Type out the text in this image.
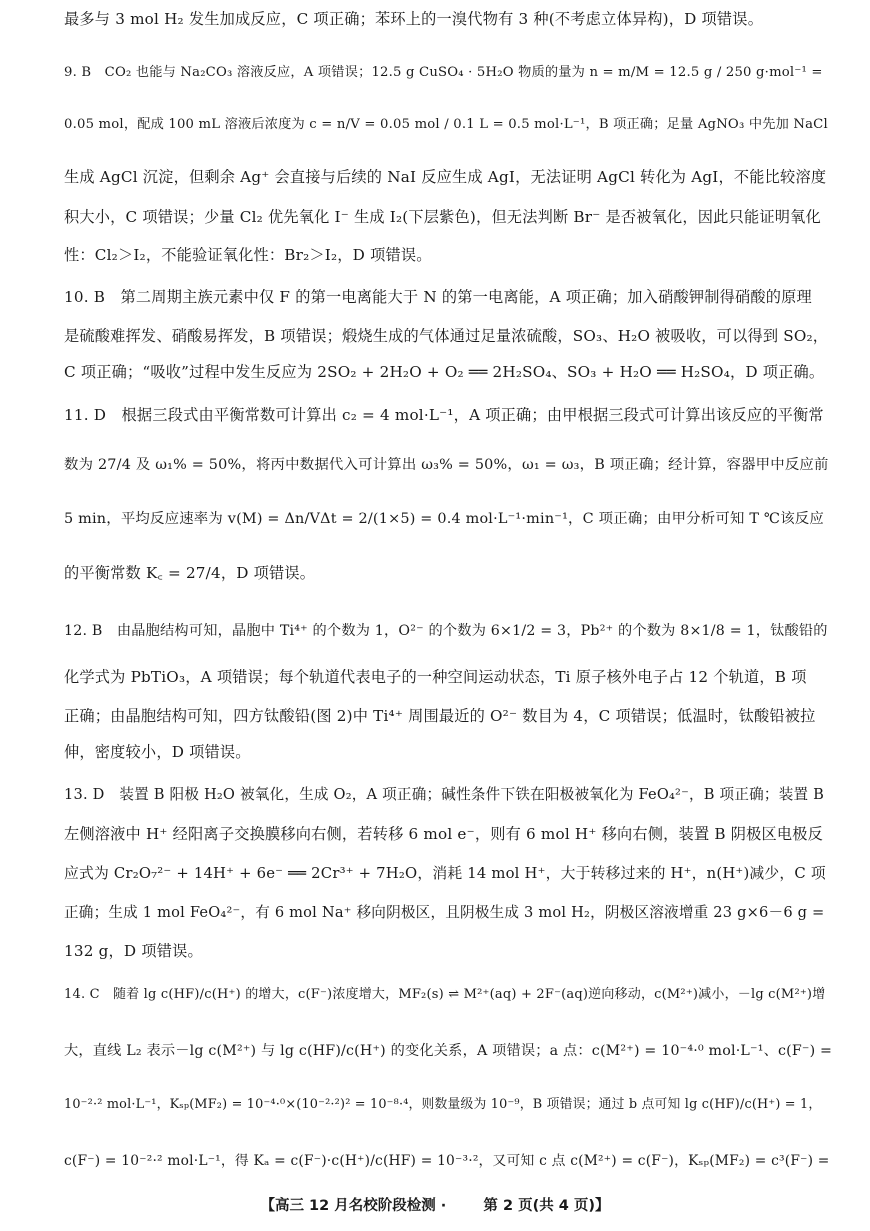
最多与 3 mol H₂ 发生加成反应，C 项正确；苯环上的一溴代物有 3 种(不考虑立体异构)，D 项错误。
9. B　CO₂ 也能与 Na₂CO₃ 溶液反应，A 项错误；12.5 g CuSO₄ · 5H₂O 物质的量为 n = m/M = 12.5 g / 250 g·mol⁻¹ =
0.05 mol，配成 100 mL 溶液后浓度为 c = n/V = 0.05 mol / 0.1 L = 0.5 mol·L⁻¹，B 项正确；足量 AgNO₃ 中先加 NaCl
生成 AgCl 沉淀，但剩余 Ag⁺ 会直接与后续的 NaI 反应生成 AgI，无法证明 AgCl 转化为 AgI，不能比较溶度
积大小，C 项错误；少量 Cl₂ 优先氧化 I⁻ 生成 I₂(下层紫色)，但无法判断 Br⁻ 是否被氧化，因此只能证明氧化
性：Cl₂＞I₂，不能验证氧化性：Br₂＞I₂，D 项错误。
10. B　第二周期主族元素中仅 F 的第一电离能大于 N 的第一电离能，A 项正确；加入硝酸钾制得硝酸的原理
是硫酸难挥发、硝酸易挥发，B 项错误；煅烧生成的气体通过足量浓硫酸，SO₃、H₂O 被吸收，可以得到 SO₂，
C 项正确；“吸收”过程中发生反应为 2SO₂ + 2H₂O + O₂ ══ 2H₂SO₄、SO₃ + H₂O ══ H₂SO₄，D 项正确。
11. D　根据三段式由平衡常数可计算出 c₂ = 4 mol·L⁻¹，A 项正确；由甲根据三段式可计算出该反应的平衡常
数为 27/4 及 ω₁% = 50%，将丙中数据代入可计算出 ω₃% = 50%，ω₁ = ω₃，B 项正确；经计算，容器甲中反应前
5 min，平均反应速率为 v(M) = Δn/VΔt = 2/(1×5) = 0.4 mol·L⁻¹·min⁻¹，C 项正确；由甲分析可知 T ℃该反应
的平衡常数 K꜀ = 27/4，D 项错误。
12. B　由晶胞结构可知，晶胞中 Ti⁴⁺ 的个数为 1，O²⁻ 的个数为 6×1/2 = 3，Pb²⁺ 的个数为 8×1/8 = 1，钛酸铅的
化学式为 PbTiO₃，A 项错误；每个轨道代表电子的一种空间运动状态，Ti 原子核外电子占 12 个轨道，B 项
正确；由晶胞结构可知，四方钛酸铅(图 2)中 Ti⁴⁺ 周围最近的 O²⁻ 数目为 4，C 项错误；低温时，钛酸铅被拉
伸，密度较小，D 项错误。
13. D　装置 B 阳极 H₂O 被氧化，生成 O₂，A 项正确；碱性条件下铁在阳极被氧化为 FeO₄²⁻，B 项正确；装置 B
左侧溶液中 H⁺ 经阳离子交换膜移向右侧，若转移 6 mol e⁻，则有 6 mol H⁺ 移向右侧，装置 B 阴极区电极反
应式为 Cr₂O₇²⁻ + 14H⁺ + 6e⁻ ══ 2Cr³⁺ + 7H₂O，消耗 14 mol H⁺，大于转移过来的 H⁺，n(H⁺)减少，C 项
正确；生成 1 mol FeO₄²⁻，有 6 mol Na⁺ 移向阴极区，且阴极生成 3 mol H₂，阴极区溶液增重 23 g×6－6 g =
132 g，D 项错误。
14. C　随着 lg c(HF)/c(H⁺) 的增大，c(F⁻)浓度增大，MF₂(s) ⇌ M²⁺(aq) + 2F⁻(aq)逆向移动，c(M²⁺)减小，－lg c(M²⁺)增
大，直线 L₂ 表示－lg c(M²⁺) 与 lg c(HF)/c(H⁺) 的变化关系，A 项错误；a 点：c(M²⁺) = 10⁻⁴·⁰ mol·L⁻¹、c(F⁻) =
10⁻²·² mol·L⁻¹，Kₛₚ(MF₂) = 10⁻⁴·⁰×(10⁻²·²)² = 10⁻⁸·⁴，则数量级为 10⁻⁹，B 项错误；通过 b 点可知 lg c(HF)/c(H⁺) = 1，
c(F⁻) = 10⁻²·² mol·L⁻¹，得 Kₐ = c(F⁻)·c(H⁺)/c(HF) = 10⁻³·²，又可知 c 点 c(M²⁺) = c(F⁻)，Kₛₚ(MF₂) = c³(F⁻) =
【高三 12 月名校阶段检测 ·	第 2 页(共 4 页)】
